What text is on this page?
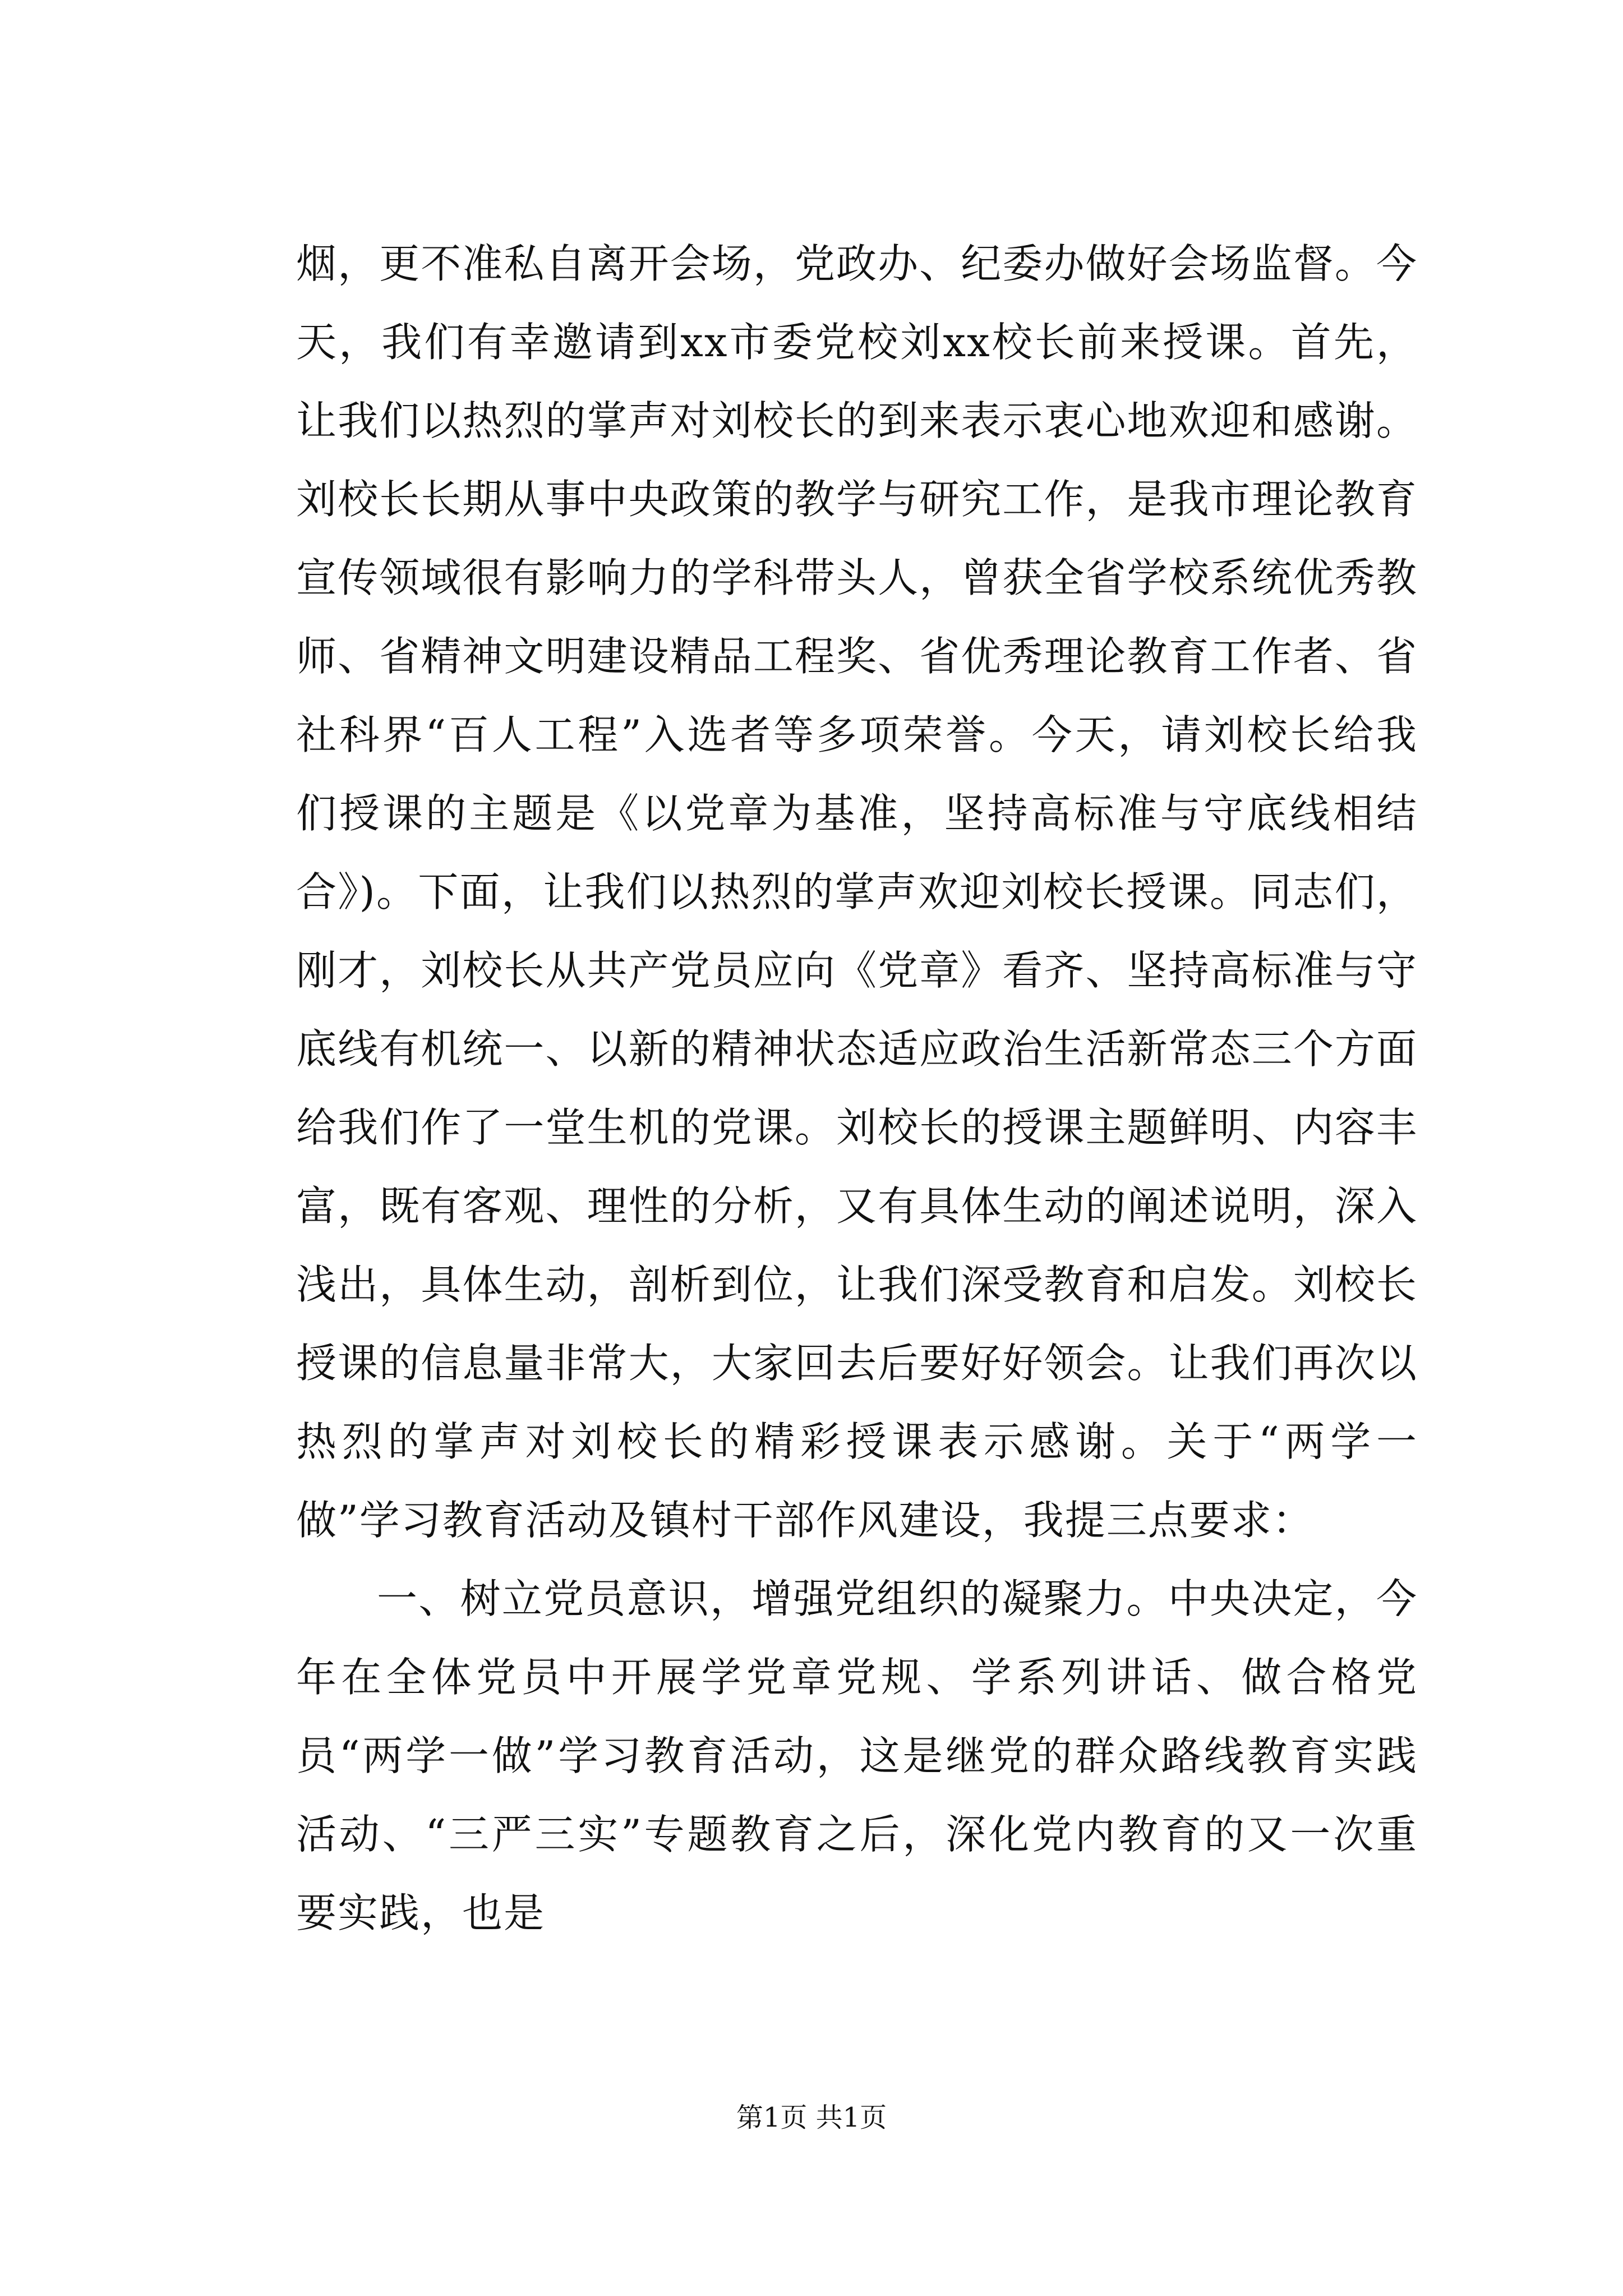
烟，更不准私自离开会场，党政办、纪委办做好会场监督。今天，我们有幸邀请到xx市委党校刘xx校长前来授课。首先，让我们以热烈的掌声对刘校长的到来表示衷心地欢迎和感谢。刘校长长期从事中央政策的教学与研究工作，是我市理论教育宣传领域很有影响力的学科带头人，曾获全省学校系统优秀教师、省精神文明建设精品工程奖、省优秀理论教育工作者、省社科界“百人工程”入选者等多项荣誉。今天，请刘校长给我们授课的主题是《以党章为基准，坚持高标准与守底线相结合》)。下面，让我们以热烈的掌声欢迎刘校长授课。同志们，刚才，刘校长从共产党员应向《党章》看齐、坚持高标准与守底线有机统一、以新的精神状态适应政治生活新常态三个方面给我们作了一堂生机的党课。刘校长的授课主题鲜明、内容丰富，既有客观、理性的分析，又有具体生动的阐述说明，深入浅出，具体生动，剖析到位，让我们深受教育和启发。刘校长授课的信息量非常大，大家回去后要好好领会。让我们再次以热烈的掌声对刘校长的精彩授课表示感谢。关于“两学一做”学习教育活动及镇村干部作风建设，我提三点要求：

一、树立党员意识，增强党组织的凝聚力。中央决定，今年在全体党员中开展学党章党规、学系列讲话、做合格党员“两学一做”学习教育活动，这是继党的群众路线教育实践活动、“三严三实”专题教育之后，深化党内教育的又一次重要实践，也是

第1页 共1页
